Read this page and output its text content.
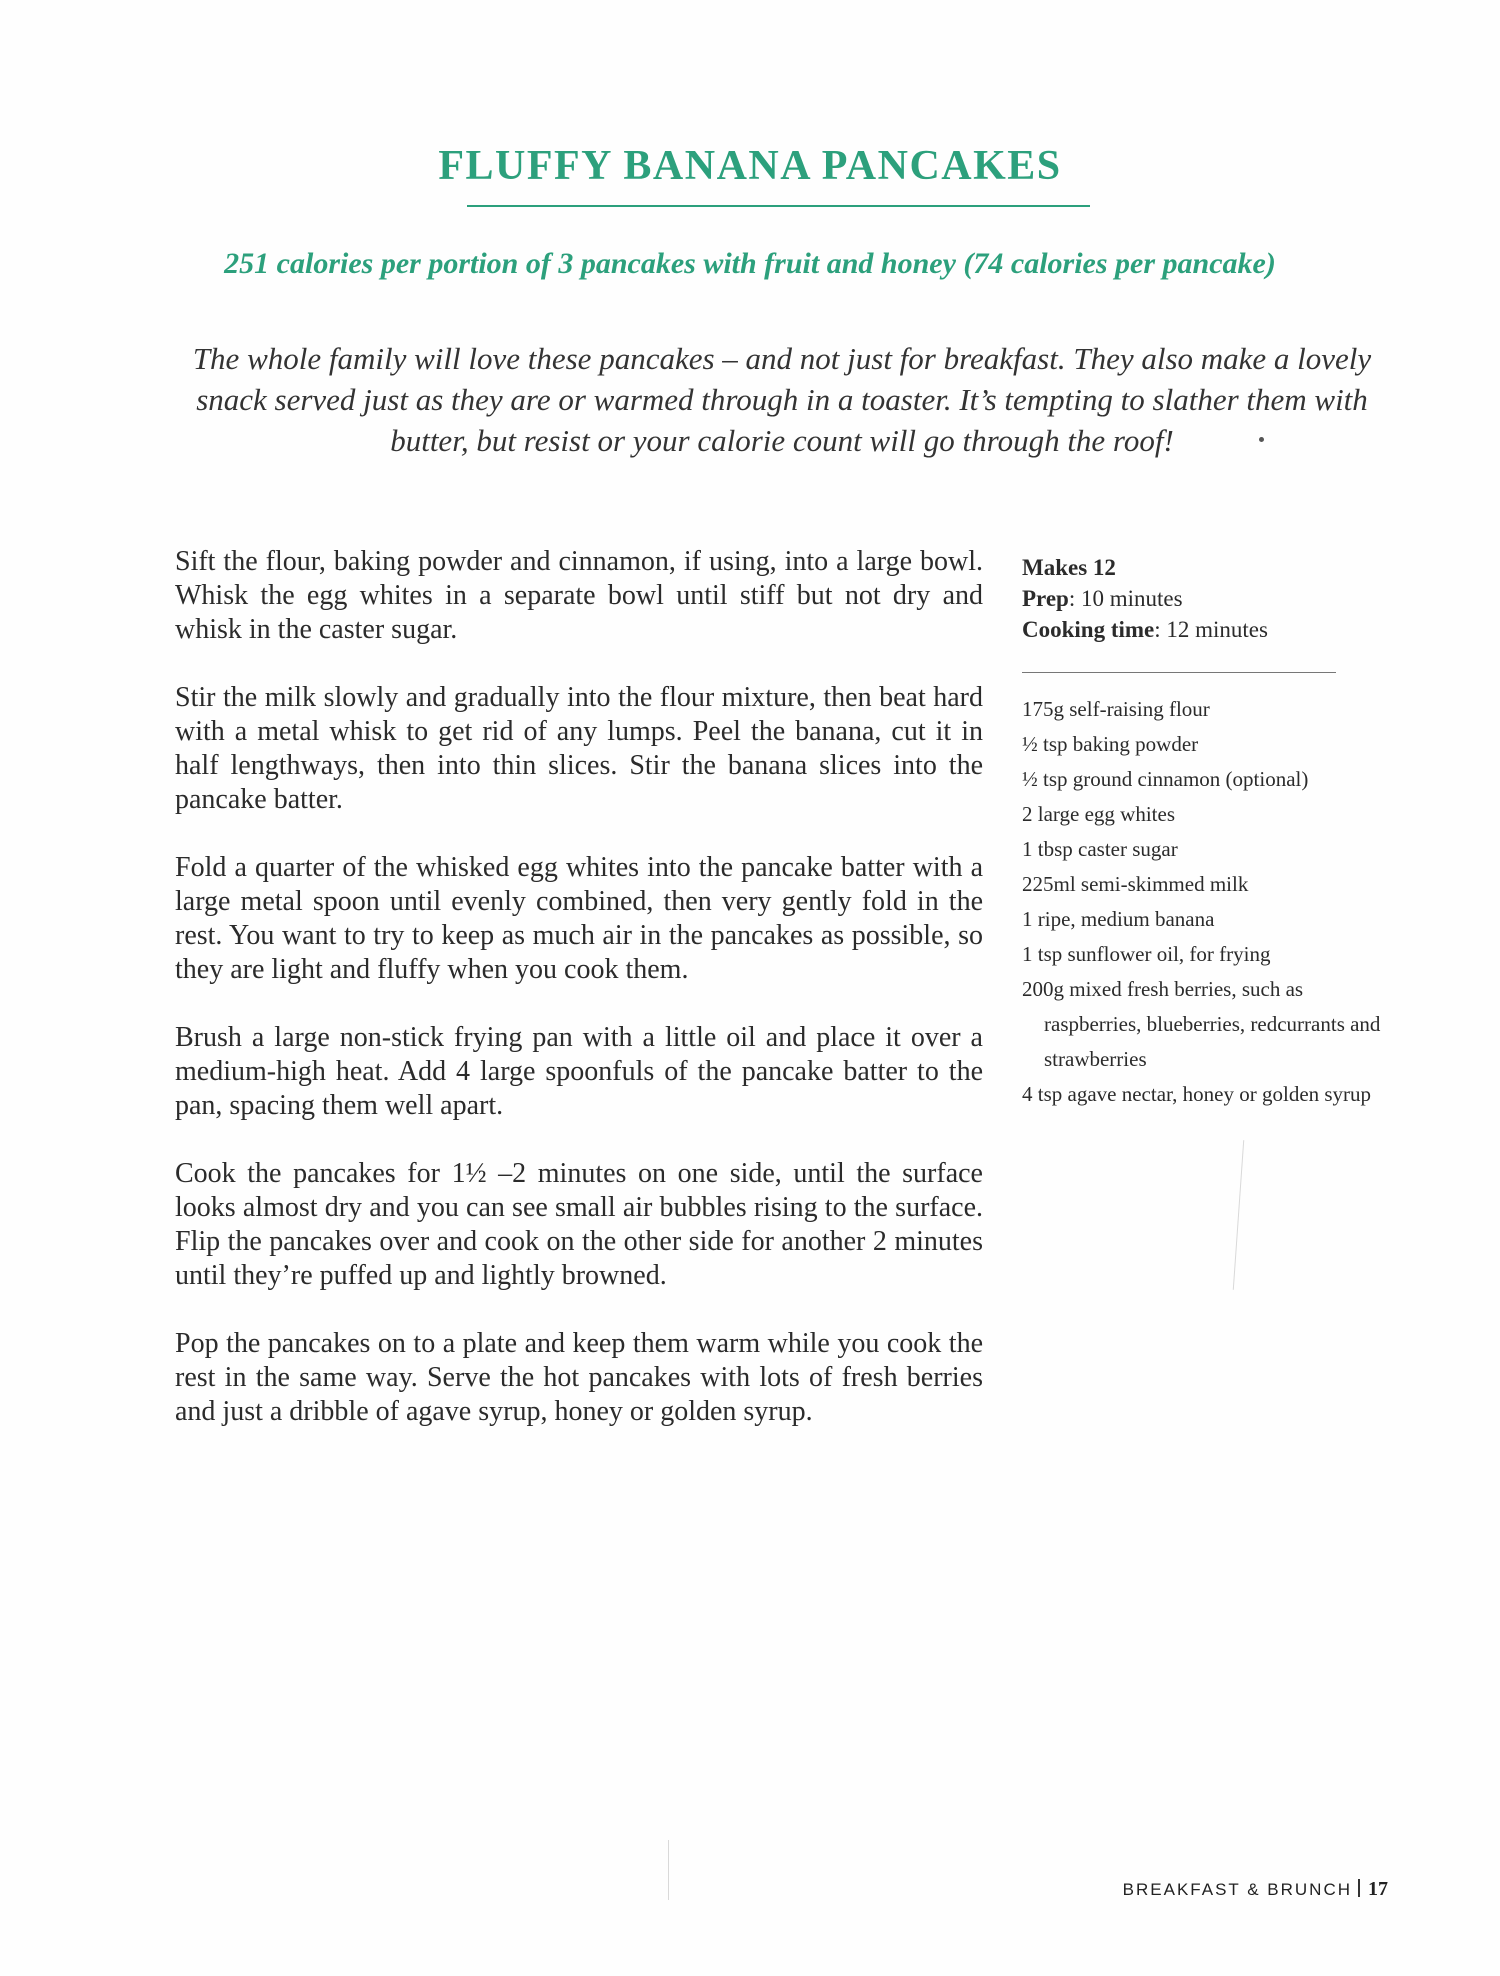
FLUFFY BANANA PANCAKES
251 calories per portion of 3 pancakes with fruit and honey (74 calories per pancake)
The whole family will love these pancakes – and not just for breakfast. They also make a lovely snack served just as they are or warmed through in a toaster. It’s tempting to slather them with butter, but resist or your calorie count will go through the roof!

Sift the flour, baking powder and cinnamon, if using, into a large bowl. Whisk the egg whites in a separate bowl until stiff but not dry and whisk in the caster sugar.

Stir the milk slowly and gradually into the flour mixture, then beat hard with a metal whisk to get rid of any lumps. Peel the banana, cut it in half lengthways, then into thin slices. Stir the banana slices into the pancake batter.

Fold a quarter of the whisked egg whites into the pancake batter with a large metal spoon until evenly combined, then very gently fold in the rest. You want to try to keep as much air in the pancakes as possible, so they are light and fluffy when you cook them.

Brush a large non-stick frying pan with a little oil and place it over a medium-high heat. Add 4 large spoonfuls of the pancake batter to the pan, spacing them well apart.

Cook the pancakes for 1½ –2 minutes on one side, until the surface looks almost dry and you can see small air bubbles rising to the surface. Flip the pancakes over and cook on the other side for another 2 minutes until they’re puffed up and lightly browned.

Pop the pancakes on to a plate and keep them warm while you cook the rest in the same way. Serve the hot pancakes with lots of fresh berries and just a dribble of agave syrup, honey or golden syrup.

Makes 12
Prep: 10 minutes
Cooking time: 12 minutes
175g self-raising flour
½ tsp baking powder
½ tsp ground cinnamon (optional)
2 large egg whites
1 tbsp caster sugar
225ml semi-skimmed milk
1 ripe, medium banana
1 tsp sunflower oil, for frying
200g mixed fresh berries, such as raspberries, blueberries, redcurrants and strawberries
4 tsp agave nectar, honey or golden syrup
BREAKFAST & BRUNCH 17
